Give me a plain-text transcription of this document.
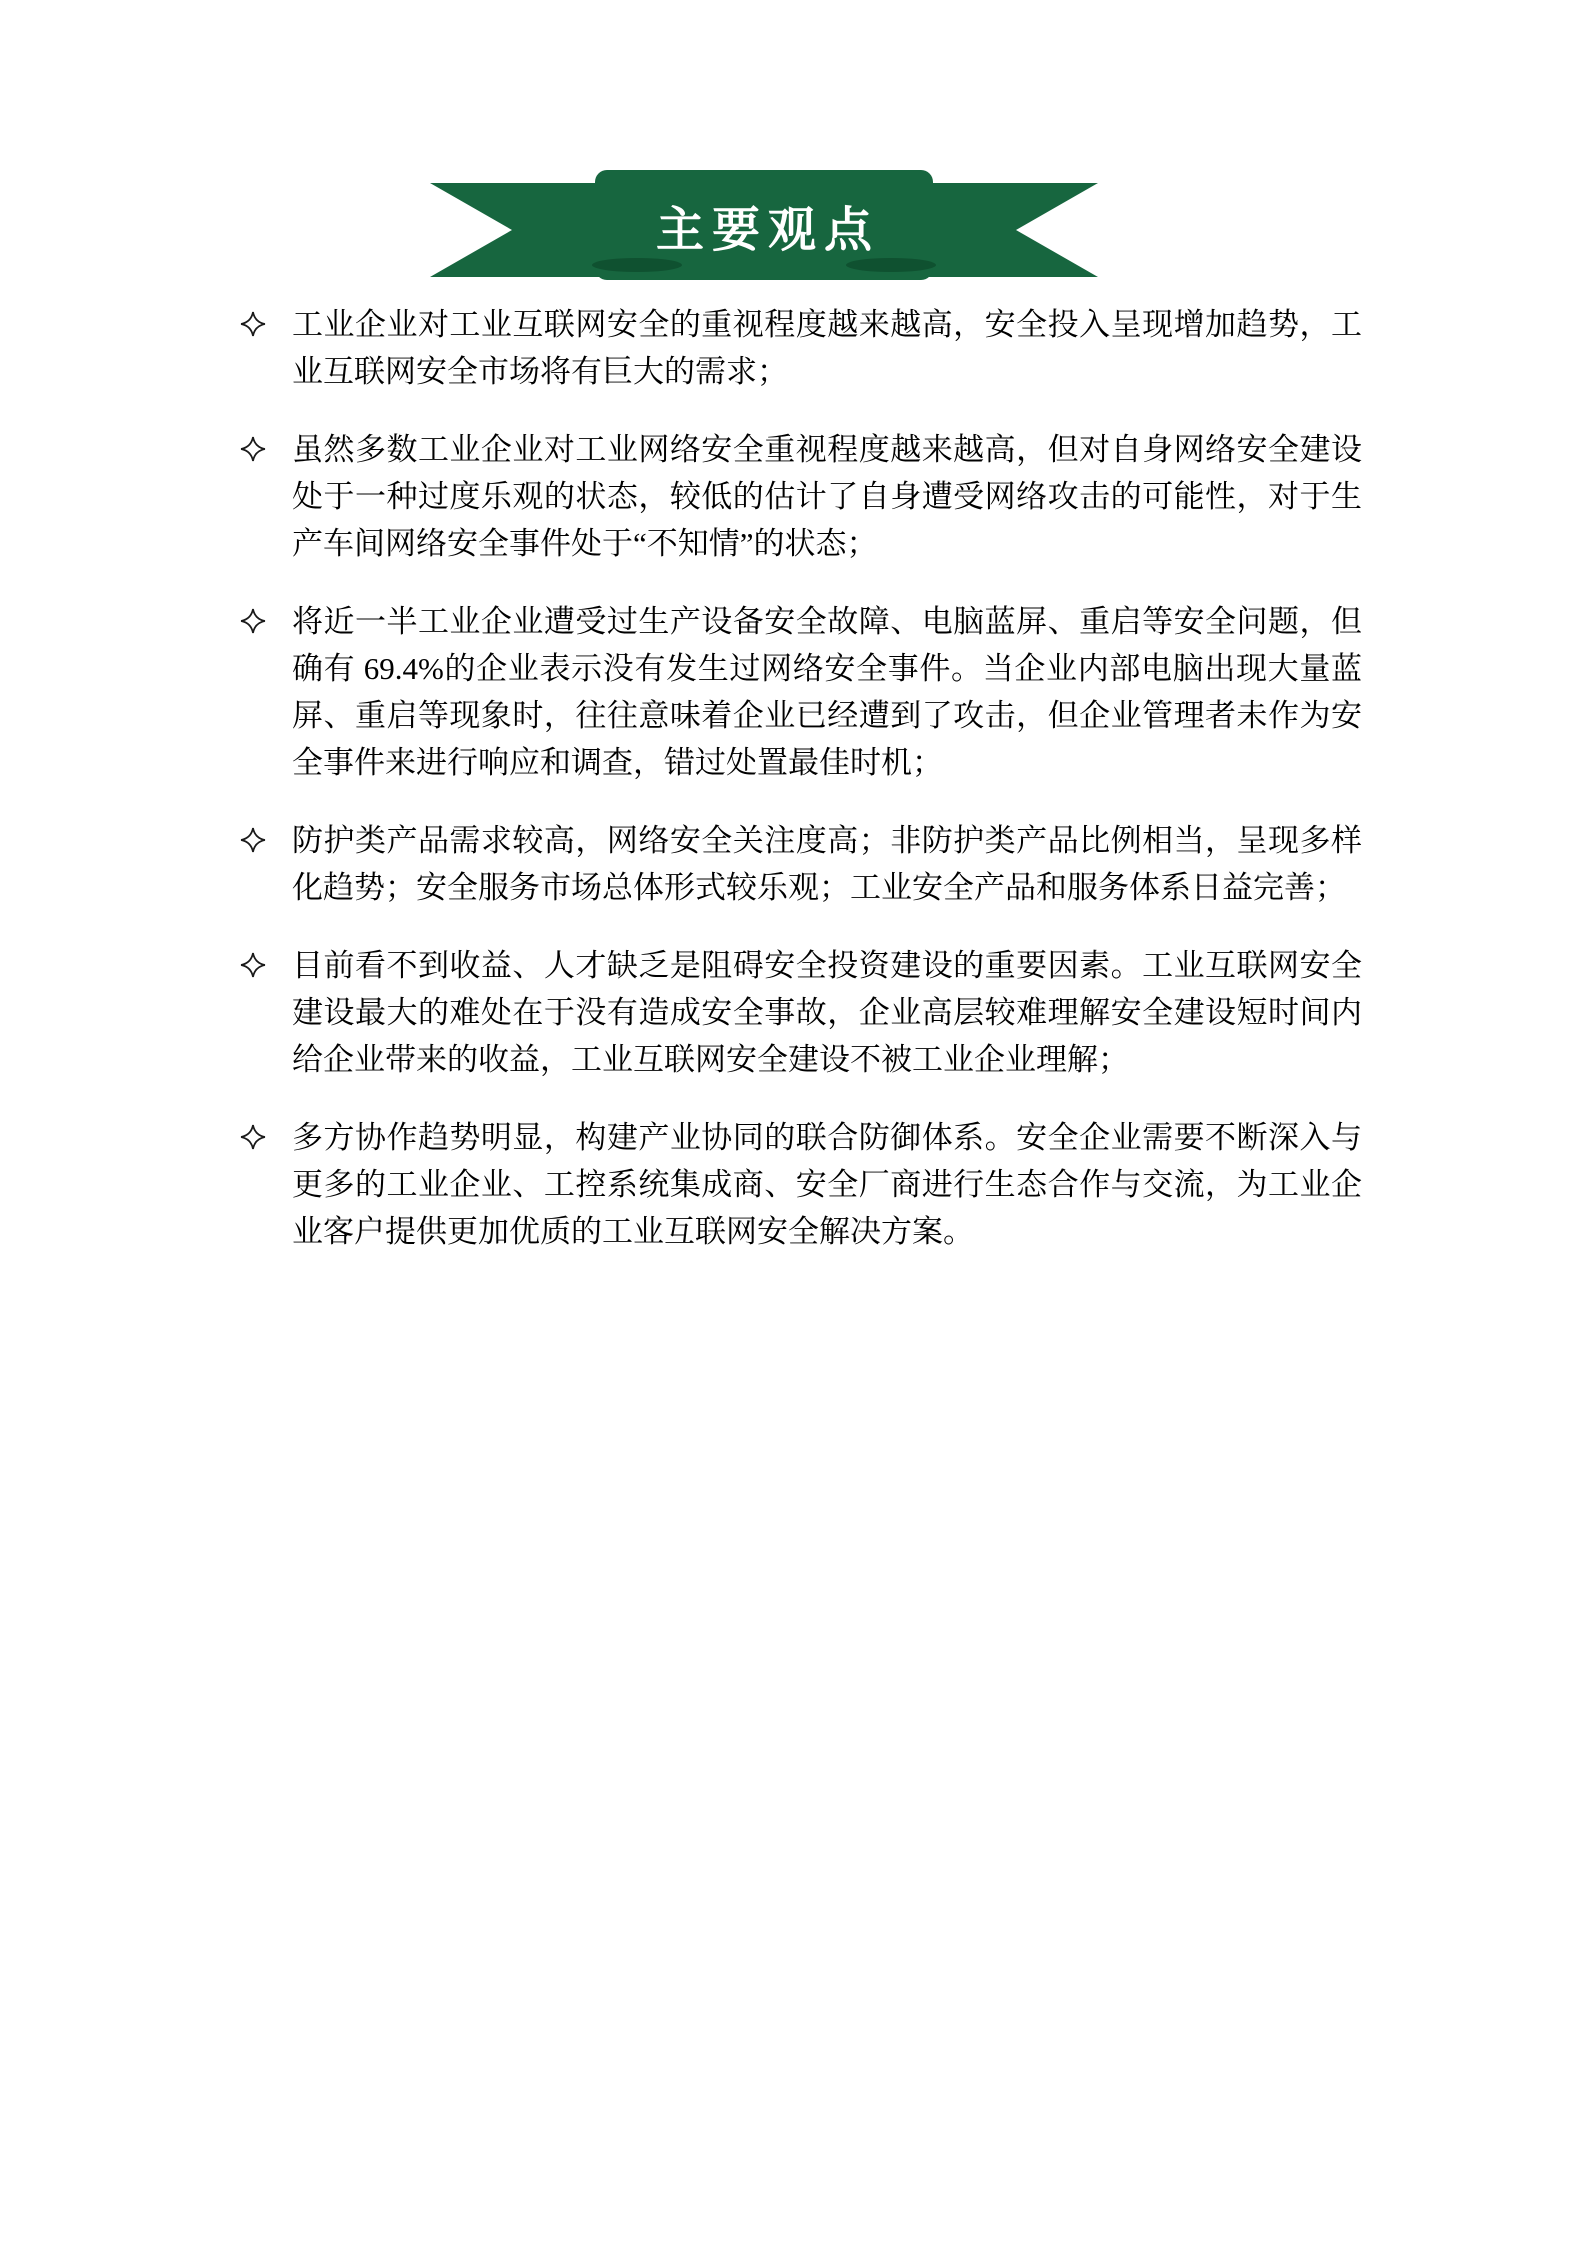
主要观点
工业企业对工业互联网安全的重视程度越来越高，安全投入呈现增加趋势，工业互联网安全市场将有巨大的需求；
虽然多数工业企业对工业网络安全重视程度越来越高，但对自身网络安全建设处于一种过度乐观的状态，较低的估计了自身遭受网络攻击的可能性，对于生产车间网络安全事件处于“不知情”的状态；
将近一半工业企业遭受过生产设备安全故障、电脑蓝屏、重启等安全问题，但确有 69.4%的企业表示没有发生过网络安全事件。当企业内部电脑出现大量蓝屏、重启等现象时，往往意味着企业已经遭到了攻击，但企业管理者未作为安全事件来进行响应和调查，错过处置最佳时机；
防护类产品需求较高，网络安全关注度高；非防护类产品比例相当，呈现多样化趋势；安全服务市场总体形式较乐观；工业安全产品和服务体系日益完善；
目前看不到收益、人才缺乏是阻碍安全投资建设的重要因素。工业互联网安全建设最大的难处在于没有造成安全事故，企业高层较难理解安全建设短时间内给企业带来的收益，工业互联网安全建设不被工业企业理解；
多方协作趋势明显，构建产业协同的联合防御体系。安全企业需要不断深入与更多的工业企业、工控系统集成商、安全厂商进行生态合作与交流，为工业企业客户提供更加优质的工业互联网安全解决方案。
